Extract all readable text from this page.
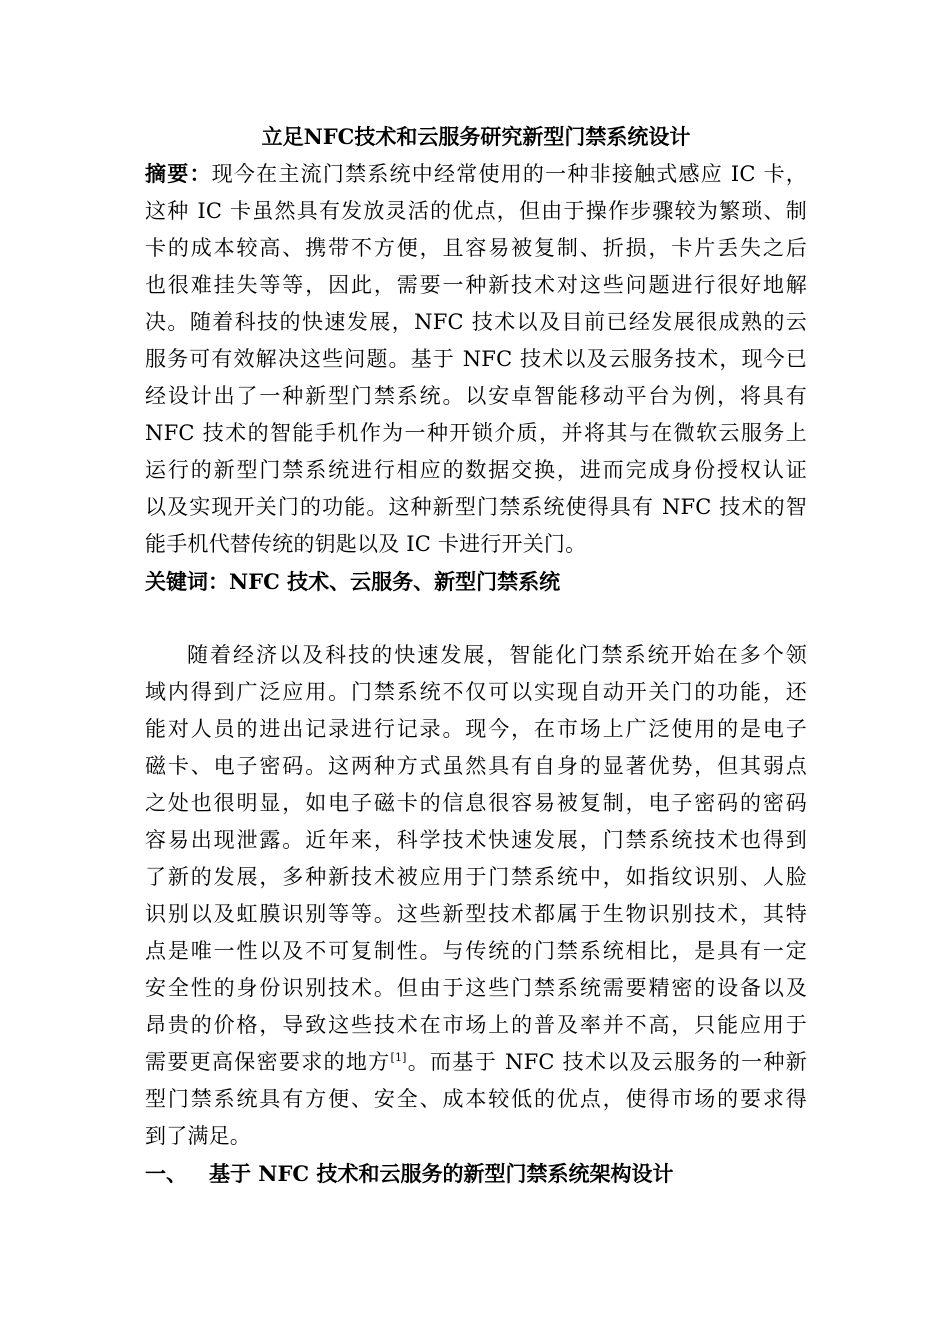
立足NFC技术和云服务研究新型门禁系统设计

摘要：现今在主流门禁系统中经常使用的一种非接触式感应 IC 卡，

这种 IC 卡虽然具有发放灵活的优点，但由于操作步骤较为繁琐、制

卡的成本较高、携带不方便，且容易被复制、折损，卡片丢失之后

也很难挂失等等，因此，需要一种新技术对这些问题进行很好地解

决。随着科技的快速发展，NFC 技术以及目前已经发展很成熟的云

服务可有效解决这些问题。基于 NFC 技术以及云服务技术，现今已

经设计出了一种新型门禁系统。以安卓智能移动平台为例，将具有

NFC 技术的智能手机作为一种开锁介质，并将其与在微软云服务上

运行的新型门禁系统进行相应的数据交换，进而完成身份授权认证

以及实现开关门的功能。这种新型门禁系统使得具有 NFC 技术的智

能手机代替传统的钥匙以及 IC 卡进行开关门。

关键词：NFC 技术、云服务、新型门禁系统

随着经济以及科技的快速发展，智能化门禁系统开始在多个领

域内得到广泛应用。门禁系统不仅可以实现自动开关门的功能，还

能对人员的进出记录进行记录。现今，在市场上广泛使用的是电子

磁卡、电子密码。这两种方式虽然具有自身的显著优势，但其弱点

之处也很明显，如电子磁卡的信息很容易被复制，电子密码的密码

容易出现泄露。近年来，科学技术快速发展，门禁系统技术也得到

了新的发展，多种新技术被应用于门禁系统中，如指纹识别、人脸

识别以及虹膜识别等等。这些新型技术都属于生物识别技术，其特

点是唯一性以及不可复制性。与传统的门禁系统相比，是具有一定

安全性的身份识别技术。但由于这些门禁系统需要精密的设备以及

昂贵的价格，导致这些技术在市场上的普及率并不高，只能应用于

需要更高保密要求的地方[1]。而基于 NFC 技术以及云服务的一种新

型门禁系统具有方便、安全、成本较低的优点，使得市场的要求得

到了满足。

一、 基于 NFC 技术和云服务的新型门禁系统架构设计
